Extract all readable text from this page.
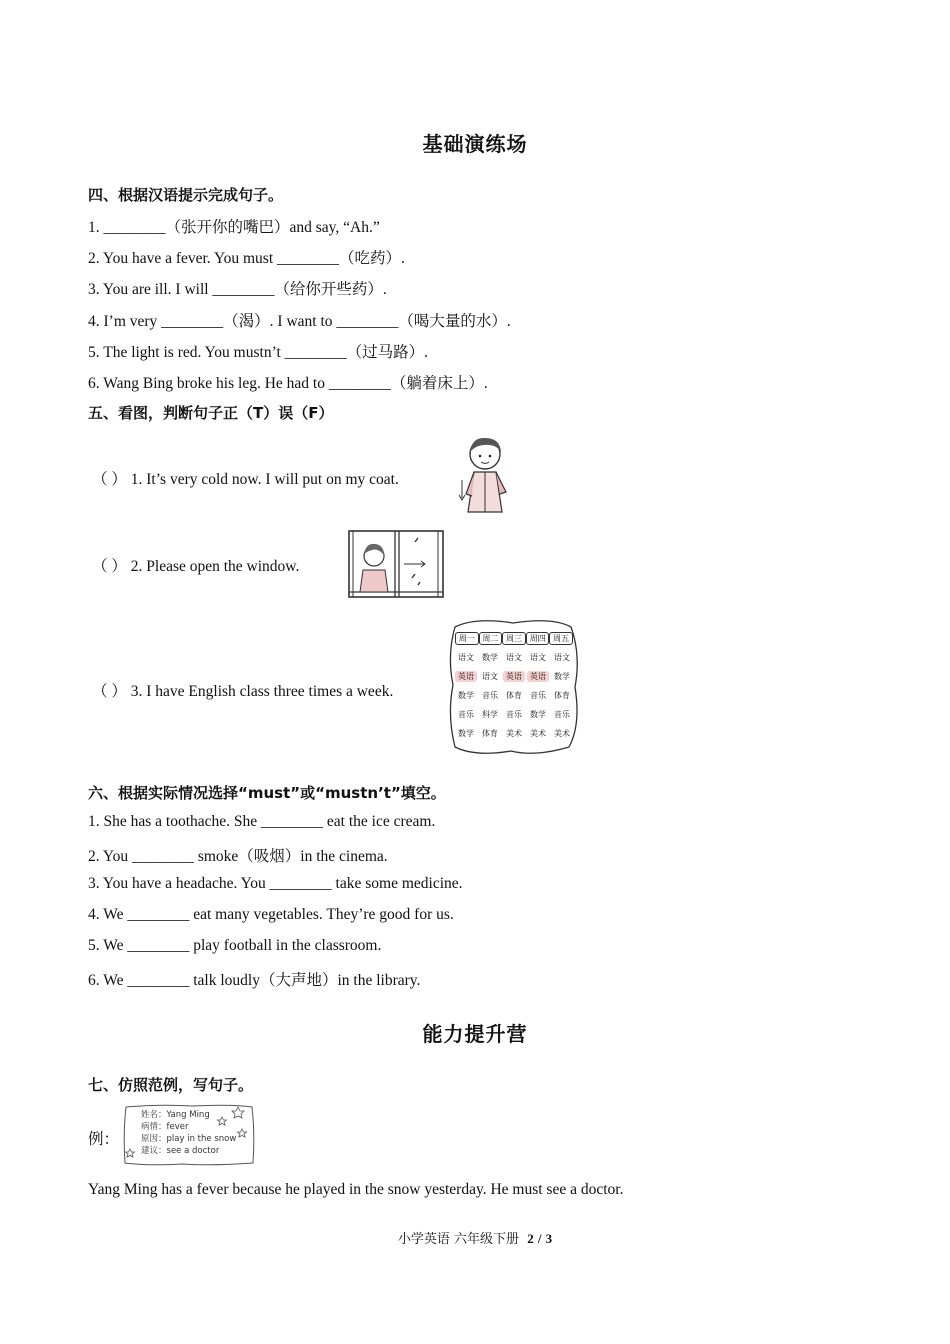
基础演练场
四、根据汉语提示完成句子。
1. ________（张开你的嘴巴）and say, “Ah.”
2. You have a fever. You must ________（吃药）.
3. You are ill. I will ________（给你开些药）.
4. I’m very ________（渴）. I want to ________（喝大量的水）.
5. The light is red. You mustn’t ________（过马路）.
6. Wang Bing broke his leg. He had to ________（躺着床上）.
五、看图，判断句子正（T）误（F）
（ ） 1. It’s very cold now. I will put on my coat.
（ ） 2. Please open the window.
（ ） 3. I have English class three times a week.
周一 周二 周三 周四 周五
语文	数学	语文	语文	语文
英语	语文	英语	英语	数学
数学	音乐	体育	音乐	体育
音乐	科学	音乐	数学	音乐
数学	体育	美术	美术	美术
六、根据实际情况选择“must”或“mustn’t”填空。
1. She has a toothache. She ________ eat the ice cream.
2. You ________ smoke（吸烟）in the cinema.
3. You have a headache. You ________ take some medicine.
4. We ________ eat many vegetables. They’re good for us.
5. We ________ play football in the classroom.
6. We ________ talk loudly（大声地）in the library.
能力提升营
七、仿照范例，写句子。
例：
姓名：Yang Ming
病情：fever
原因：play in the snow
建议：see a doctor
Yang Ming has a fever because he played in the snow yesterday. He must see a doctor.
小学英语 六年级下册 2 / 3
